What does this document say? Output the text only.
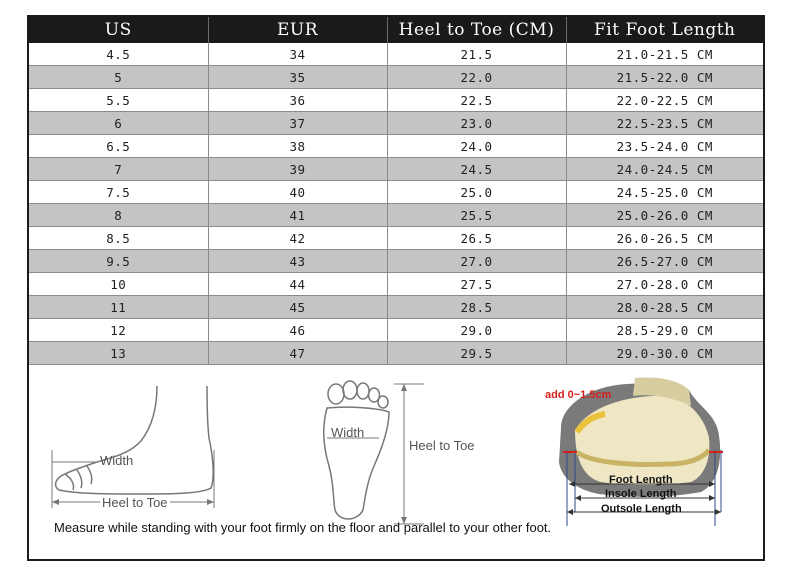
US	EUR	Heel to Toe (CM)	Fit Foot Length
4.5	34	21.5	21.0-21.5 CM
5	35	22.0	21.5-22.0 CM
5.5	36	22.5	22.0-22.5 CM
6	37	23.0	22.5-23.5 CM
6.5	38	24.0	23.5-24.0 CM
7	39	24.5	24.0-24.5 CM
7.5	40	25.0	24.5-25.0 CM
8	41	25.5	25.0-26.0 CM
8.5	42	26.5	26.0-26.5 CM
9.5	43	27.0	26.5-27.0 CM
10	44	27.5	27.0-28.0 CM
11	45	28.5	28.0-28.5 CM
12	46	29.0	28.5-29.0 CM
13	47	29.5	29.0-30.0 CM
Width
Heel to Toe
Width
Heel to Toe
add 0~1.5cm
Foot Length
Insole Length
Outsole Length
Measure while standing with your foot firmly on the floor and parallel to your other foot.
